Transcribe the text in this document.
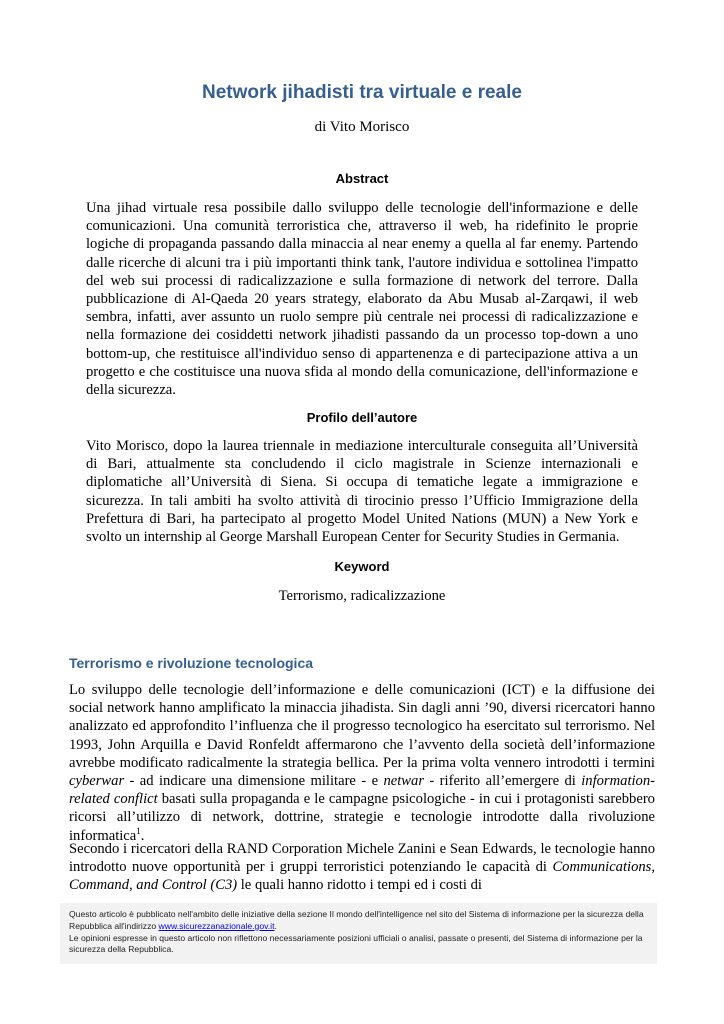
Network jihadisti tra virtuale e reale
di Vito Morisco
Abstract

Una jihad virtuale resa possibile dallo sviluppo delle tecnologie dell'informazione e delle comunicazioni. Una comunità terroristica che, attraverso il web, ha ridefinito le proprie logiche di propaganda passando dalla minaccia al near enemy a quella al far enemy. Partendo dalle ricerche di alcuni tra i più importanti think tank, l'autore individua e sottolinea l'impatto del web sui processi di radicalizzazione e sulla formazione di network del terrore. Dalla pubblicazione di Al-Qaeda 20 years strategy, elaborato da Abu Musab al-Zarqawi, il web sembra, infatti, aver assunto un ruolo sempre più centrale nei processi di radicalizzazione e nella formazione dei cosiddetti network jihadisti passando da un processo top-down a uno bottom-up, che restituisce all'individuo senso di appartenenza e di partecipazione attiva a un progetto e che costituisce una nuova sfida al mondo della comunicazione, dell'informazione e della sicurezza.

Profilo dell’autore

Vito Morisco, dopo la laurea triennale in mediazione interculturale conseguita all’Università di Bari, attualmente sta concludendo il ciclo magistrale in Scienze internazionali e diplomatiche all’Università di Siena. Si occupa di tematiche legate a immigrazione e sicurezza. In tali ambiti ha svolto attività di tirocinio presso l’Ufficio Immigrazione della Prefettura di Bari, ha partecipato al progetto Model United Nations (MUN) a New York e svolto un internship al George Marshall European Center for Security Studies in Germania.

Keyword
Terrorismo, radicalizzazione
Terrorismo e rivoluzione tecnologica

Lo sviluppo delle tecnologie dell’informazione e delle comunicazioni (ICT) e la diffusione dei social network hanno amplificato la minaccia jihadista. Sin dagli anni ’90, diversi ricercatori hanno analizzato ed approfondito l’influenza che il progresso tecnologico ha esercitato sul terrorismo. Nel 1993, John Arquilla e David Ronfeldt affermarono che l’avvento della società dell’informazione avrebbe modificato radicalmente la strategia bellica. Per la prima volta vennero introdotti i termini cyberwar - ad indicare una dimensione militare - e netwar - riferito all’emergere di information-related conflict basati sulla propaganda e le campagne psicologiche - in cui i protagonisti sarebbero ricorsi all’utilizzo di network, dottrine, strategie e tecnologie introdotte dalla rivoluzione informatica$^1$.

Secondo i ricercatori della RAND Corporation Michele Zanini e Sean Edwards, le tecnologie hanno introdotto nuove opportunità per i gruppi terroristici potenziando le capacità di Communications, Command, and Control (C3) le quali hanno ridotto i tempi ed i costi di

Questo articolo è pubblicato nell'ambito delle iniziative della sezione Il mondo dell'intelligence nel sito del Sistema di informazione per la sicurezza della Repubblica all'indirizzo www.sicurezzanazionale.gov.it.
Le opinioni espresse in questo articolo non riflettono necessariamente posizioni ufficiali o analisi, passate o presenti, del Sistema di informazione per la sicurezza della Repubblica.
